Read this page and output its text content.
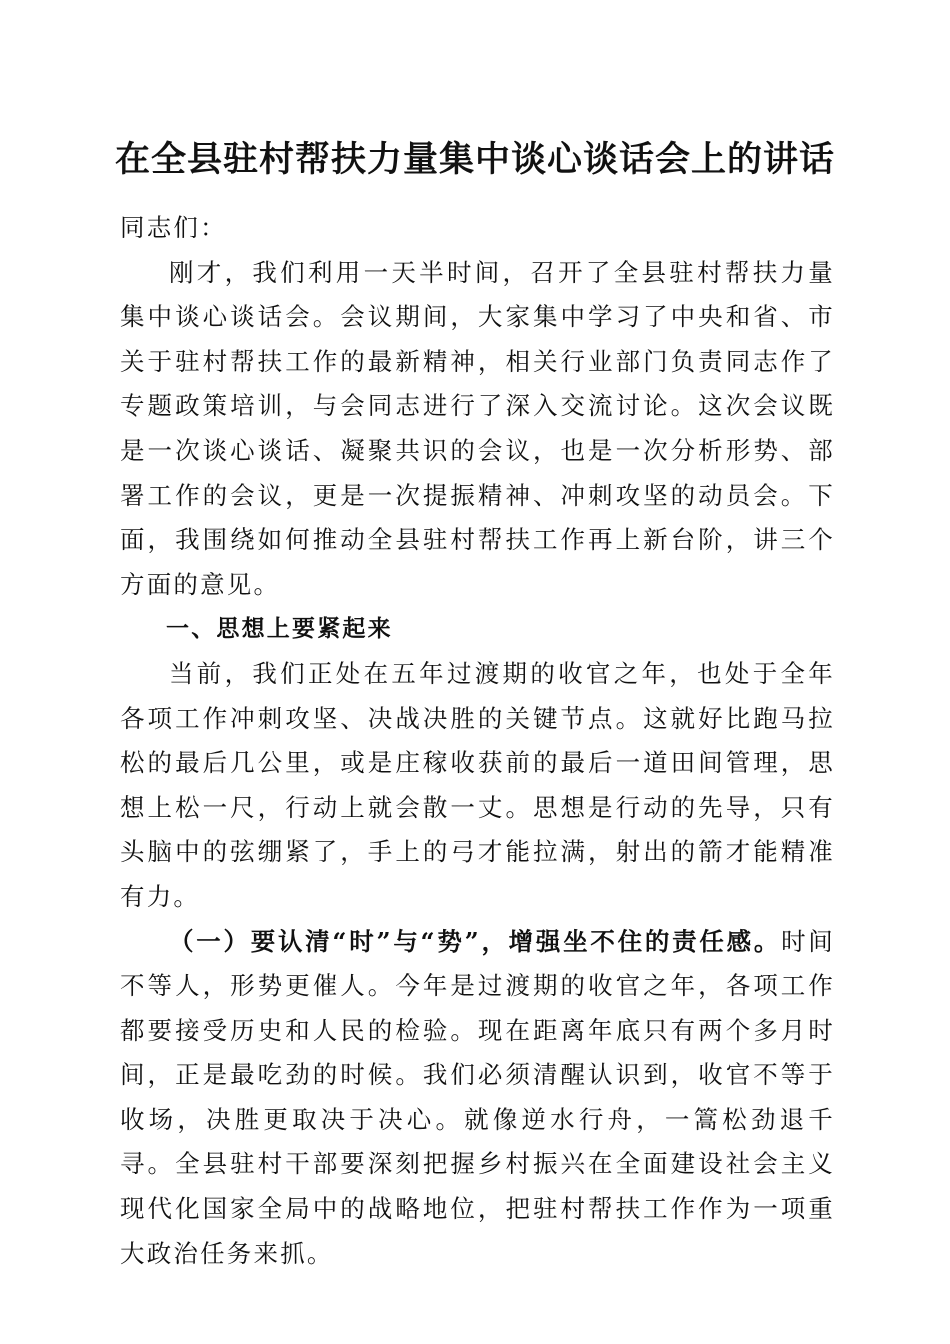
在全县驻村帮扶力量集中谈心谈话会上的讲话

同志们：

刚才，我们利用一天半时间，召开了全县驻村帮扶力量集中谈心谈话会。会议期间，大家集中学习了中央和省、市关于驻村帮扶工作的最新精神，相关行业部门负责同志作了专题政策培训，与会同志进行了深入交流讨论。这次会议既是一次谈心谈话、凝聚共识的会议，也是一次分析形势、部署工作的会议，更是一次提振精神、冲刺攻坚的动员会。下面，我围绕如何推动全县驻村帮扶工作再上新台阶，讲三个方面的意见。

一、思想上要紧起来

当前，我们正处在五年过渡期的收官之年，也处于全年各项工作冲刺攻坚、决战决胜的关键节点。这就好比跑马拉松的最后几公里，或是庄稼收获前的最后一道田间管理，思想上松一尺，行动上就会散一丈。思想是行动的先导，只有头脑中的弦绷紧了，手上的弓才能拉满，射出的箭才能精准有力。

（一）要认清“时”与“势”，增强坐不住的责任感。时间不等人，形势更催人。今年是过渡期的收官之年，各项工作都要接受历史和人民的检验。现在距离年底只有两个多月时间，正是最吃劲的时候。我们必须清醒认识到，收官不等于收场，决胜更取决于决心。就像逆水行舟，一篙松劲退千寻。全县驻村干部要深刻把握乡村振兴在全面建设社会主义现代化国家全局中的战略地位，把驻村帮扶工作作为一项重大政治任务来抓。
